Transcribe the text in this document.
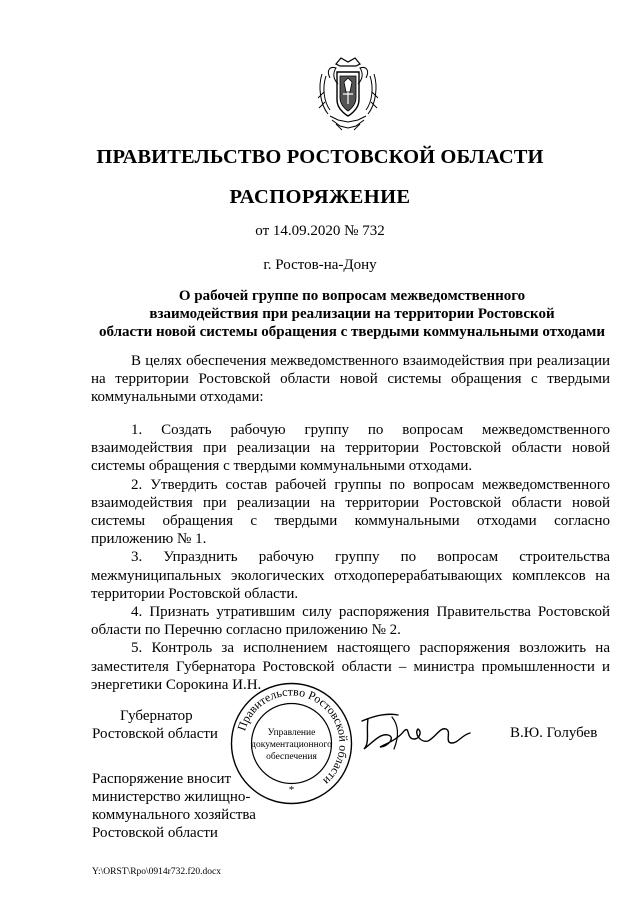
ПРАВИТЕЛЬСТВО РОСТОВСКОЙ ОБЛАСТИ
РАСПОРЯЖЕНИЕ
от 14.09.2020 № 732
г. Ростов-на-Дону
О рабочей группе по вопросам межведомственного
взаимодействия при реализации на территории Ростовской
области новой системы обращения с твердыми коммунальными отходами

В целях обеспечения межведомственного взаимодействия при реализации на территории Ростовской области новой системы обращения с твердыми коммунальными отходами:

1. Создать рабочую группу по вопросам межведомственного взаимодействия при реализации на территории Ростовской области новой системы обращения с твердыми коммунальными отходами.

2. Утвердить состав рабочей группы по вопросам межведомственного взаимодействия при реализации на территории Ростовской области новой системы обращения с твердыми коммунальными отходами согласно приложению № 1.

3. Упразднить рабочую группу по вопросам строительства межмуниципальных экологических отходоперерабатывающих комплексов на территории Ростовской области.

4. Признать утратившим силу распоряжения Правительства Ростовской области по Перечню согласно приложению № 2.

5. Контроль за исполнением настоящего распоряжения возложить на заместителя Губернатора Ростовской области – министра промышленности и энергетики Сорокина И.Н.

Губернатор
Ростовской области Правительство Ростовской области
Управление
документационного
обеспечения
*
В.Ю. Голубев
Распоряжение вносит
министерство жилищно-
коммунального хозяйства
Ростовской области
Y:\ORST\Rpo\0914r732.f20.docx
